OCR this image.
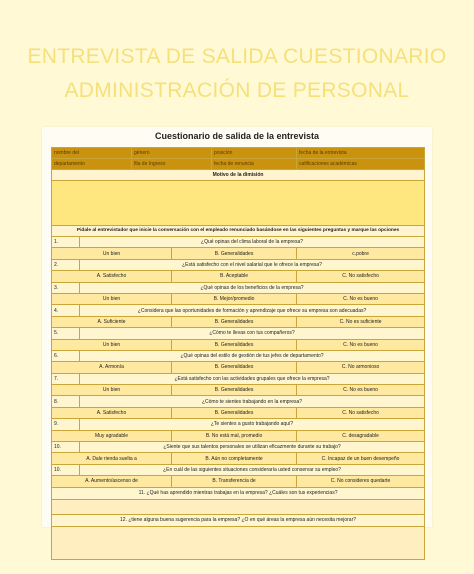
ENTREVISTA DE SALIDA CUESTIONARIO
ADMINISTRACIÓN DE PERSONAL
Cuestionario de salida de la entrevista
nombre del		género		posición	fecha de la entrevista
departamento		fila de Ingreso		fecha de renuncia	calificaciones académicas
Motivo de la dimisión					

Pidale al entrevistador que inicie la conversación con el empleado renunciado basándose en las siguientes preguntas y marque las opciones					
1.	¿Qué opinas del clima laboral de la empresa?				
Un bien			B. Generalidades		c.pobre
2.	¿Está satisfecho con el nivel salarial que le ofrece la empresa?				
A. Satisfecho			B. Aceptable		C. No satisfecho
3.	¿Qué opinas de los beneficios de la empresa?				
Un bien			B. Mejor/promedio		C. No es bueno
4.	¿Considera que las oportunidades de formación y aprendizaje que ofrece su empresa son adecuadas?				
A. Suficiente			B. Generalidades		C. No es suficiente
5.	¿Cómo te llevas con tus compañeros?				
Un bien			B. Generalidades		C. No es bueno
6.	¿Qué opinas del estilo de gestión de tus jefes de departamento?				
A. Armonía			B. Generalidades		C. No armonioso
7.	¿Está satisfecho con las actividades grupales que ofrece la empresa?				
Un bien			B. Generalidades		C. No es bueno
8.	¿Cómo te sientes trabajando en la empresa?				
A. Satisfecho			B. Generalidades		C. No satisfecho
9.	¿Te sientes a gusto trabajando aquí?				
Muy agradable			B. No está mal, promedio		C. desagradable
10.	¿Siente que sus talentos personales se utilizan eficazmente durante su trabajo?				
A. Dale rienda suelta a			B. Aún no completamente		C. Incapaz de un buen desempeño
10.	¿En cuál de las siguientes situaciones consideraría usted conservar su empleo?				
A. Aumento/ascenso de			B. Transferencia de		C. No consideres quedarte
11. ¿Qué has aprendido mientras trabajas en la empresa? ¿Cuáles son tus experiencias?					

12. ¿tiene alguna buena sugerencia para la empresa? ¿O en qué áreas la empresa aún necesita mejorar?					
